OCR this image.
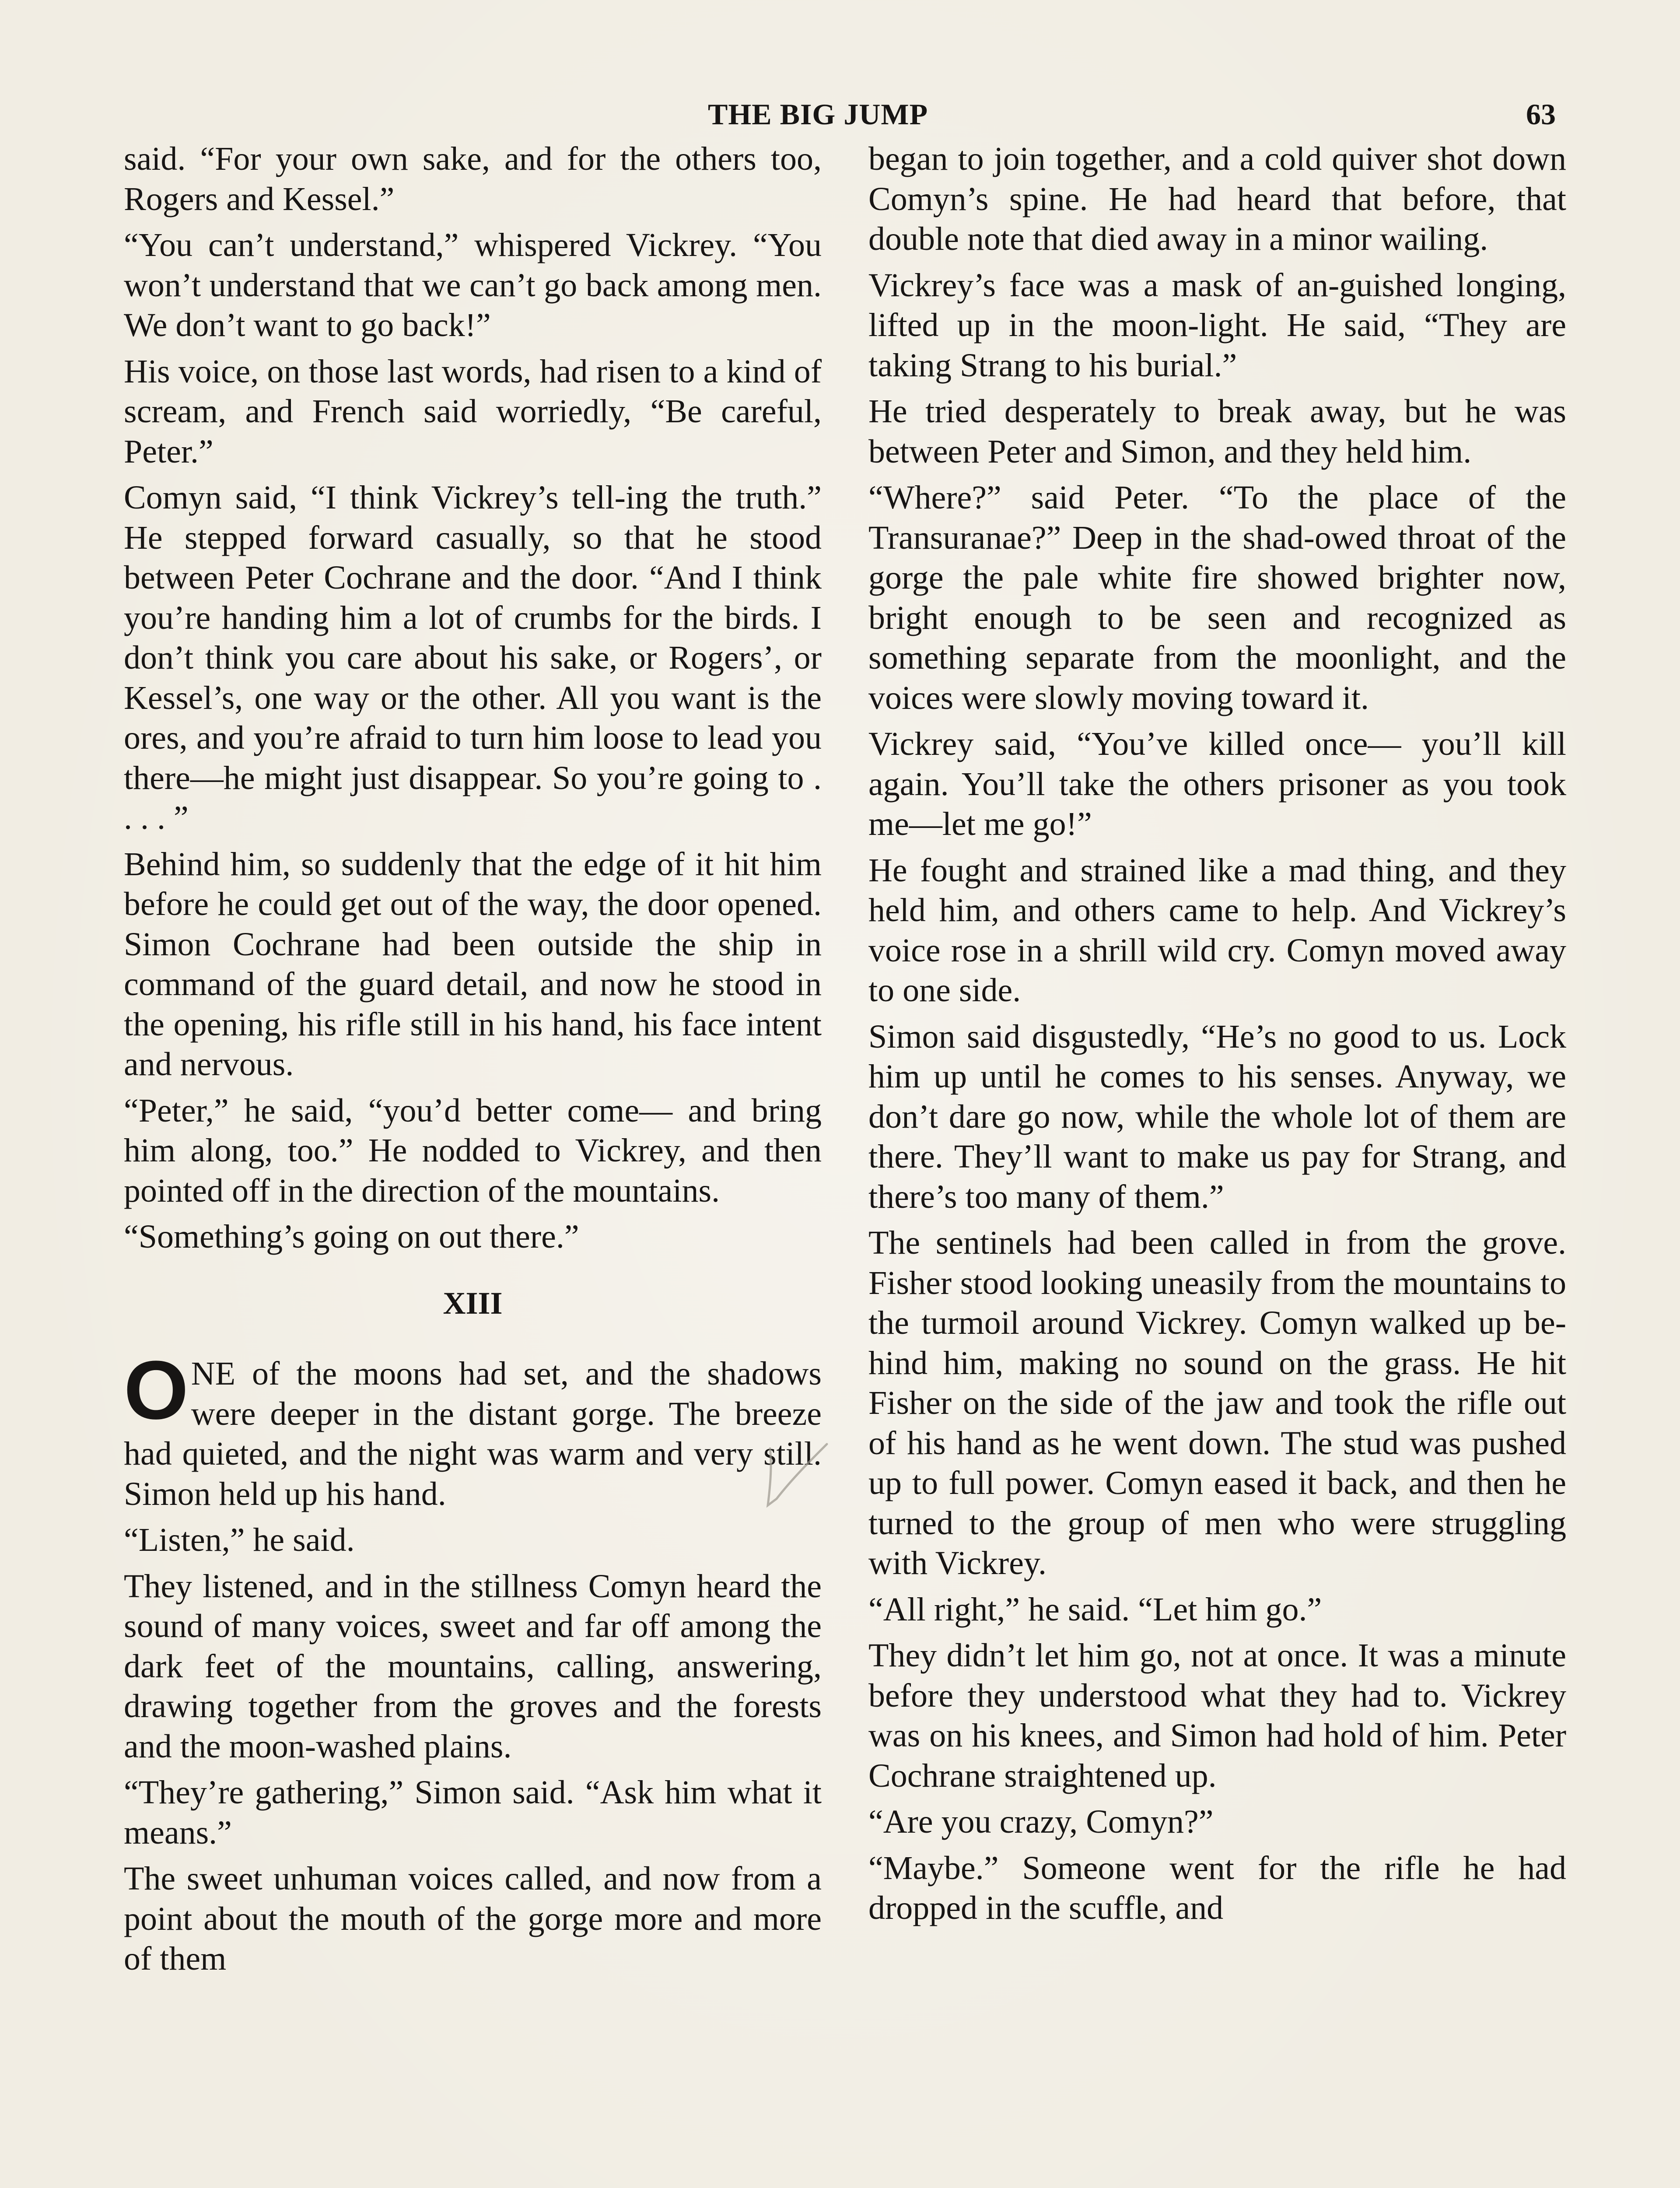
THE BIG JUMP	63

said. “For your own sake, and for the others too, Rogers and Kessel.”

“You can’t understand,” whispered Vickrey. “You won’t understand that we can’t go back among men. We don’t want to go back!”

His voice, on those last words, had risen to a kind of scream, and French said worriedly, “Be careful, Peter.”

Comyn said, “I think Vickrey’s tell-ing the truth.” He stepped forward casually, so that he stood between Peter Cochrane and the door. “And I think you’re handing him a lot of crumbs for the birds. I don’t think you care about his sake, or Rogers’, or Kessel’s, one way or the other. All you want is the ores, and you’re afraid to turn him loose to lead you there—he might just disappear. So you’re going to . . . . ”

Behind him, so suddenly that the edge of it hit him before he could get out of the way, the door opened. Simon Cochrane had been outside the ship in command of the guard detail, and now he stood in the opening, his rifle still in his hand, his face intent and nervous.

“Peter,” he said, “you’d better come— and bring him along, too.” He nodded to Vickrey, and then pointed off in the direction of the mountains.

“Something’s going on out there.”

XIII

ONE of the moons had set, and the shadows were deeper in the distant gorge. The breeze had quieted, and the night was warm and very still. Simon held up his hand.

“Listen,” he said.

They listened, and in the stillness Comyn heard the sound of many voices, sweet and far off among the dark feet of the mountains, calling, answering, drawing together from the groves and the forests and the moon-washed plains.

“They’re gathering,” Simon said. “Ask him what it means.”

The sweet unhuman voices called, and now from a point about the mouth of the gorge more and more of them

began to join together, and a cold quiver shot down Comyn’s spine. He had heard that before, that double note that died away in a minor wailing.

Vickrey’s face was a mask of an-guished longing, lifted up in the moon-light. He said, “They are taking Strang to his burial.”

He tried desperately to break away, but he was between Peter and Simon, and they held him.

“Where?” said Peter. “To the place of the Transuranae?” Deep in the shad-owed throat of the gorge the pale white fire showed brighter now, bright enough to be seen and recognized as something separate from the moonlight, and the voices were slowly moving toward it.

Vickrey said, “You’ve killed once— you’ll kill again. You’ll take the others prisoner as you took me—let me go!”

He fought and strained like a mad thing, and they held him, and others came to help. And Vickrey’s voice rose in a shrill wild cry. Comyn moved away to one side.

Simon said disgustedly, “He’s no good to us. Lock him up until he comes to his senses. Anyway, we don’t dare go now, while the whole lot of them are there. They’ll want to make us pay for Strang, and there’s too many of them.”

The sentinels had been called in from the grove. Fisher stood looking uneasily from the mountains to the turmoil around Vickrey. Comyn walked up be-hind him, making no sound on the grass. He hit Fisher on the side of the jaw and took the rifle out of his hand as he went down. The stud was pushed up to full power. Comyn eased it back, and then he turned to the group of men who were struggling with Vickrey.

“All right,” he said. “Let him go.”

They didn’t let him go, not at once. It was a minute before they understood what they had to. Vickrey was on his knees, and Simon had hold of him. Peter Cochrane straightened up.

“Are you crazy, Comyn?”

“Maybe.” Someone went for the rifle he had dropped in the scuffle, and
